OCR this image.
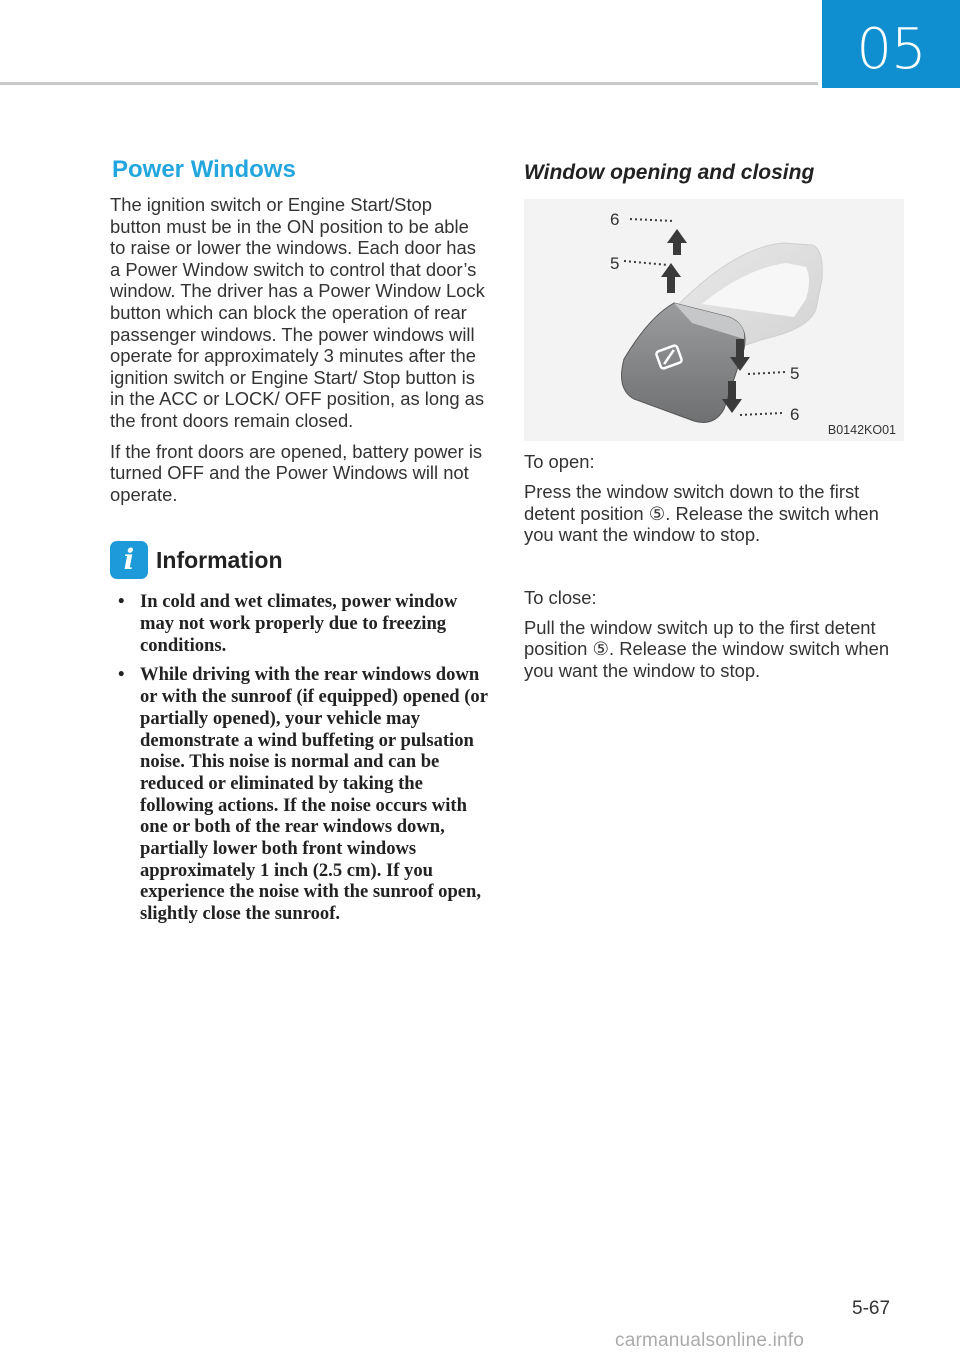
05
Power Windows

The ignition switch or Engine Start/Stop button must be in the ON position to be able to raise or lower the windows. Each door has a Power Window switch to control that door’s window. The driver has a Power Window Lock button which can block the operation of rear passenger windows. The power windows will operate for approximately 3 minutes after the ignition switch or Engine Start/ Stop button is in the ACC or LOCK/ OFF position, as long as the front doors remain closed.

If the front doors are opened, battery power is turned OFF and the Power Windows will not operate.

i Information
• In cold and wet climates, power window may not work properly due to freezing conditions.
• While driving with the rear windows down or with the sunroof (if equipped) opened (or partially opened), your vehicle may demonstrate a wind buffeting or pulsation noise. This noise is normal and can be reduced or eliminated by taking the following actions. If the noise occurs with one or both of the rear windows down, partially lower both front windows approximately 1 inch (2.5 cm). If you experience the noise with the sunroof open, slightly close the sunroof.
Window opening and closing
6
5
5
6
B0142KO01
To open:

Press the window switch down to the first detent position ⑤. Release the switch when you want the window to stop.

To close:

Pull the window switch up to the first detent position ⑤. Release the window switch when you want the window to stop.

5-67
carmanualsonline.info
